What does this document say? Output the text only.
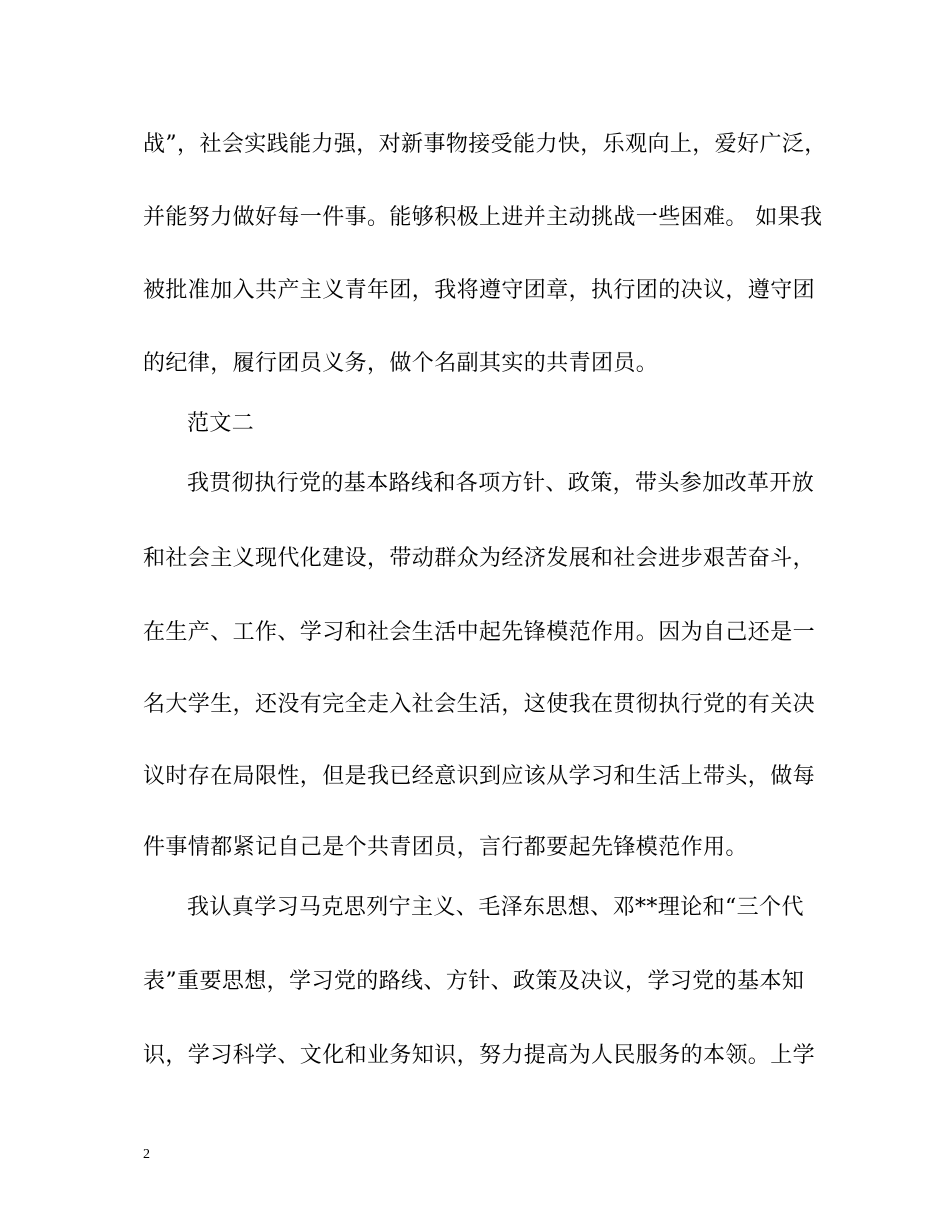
战”，社会实践能力强，对新事物接受能力快，乐观向上，爱好广泛，
并能努力做好每一件事。能够积极上进并主动挑战一些困难。 如果我
被批准加入共产主义青年团，我将遵守团章，执行团的决议，遵守团
的纪律，履行团员义务，做个名副其实的共青团员。
范文二
我贯彻执行党的基本路线和各项方针、政策，带头参加改革开放
和社会主义现代化建设，带动群众为经济发展和社会进步艰苦奋斗，
在生产、工作、学习和社会生活中起先锋模范作用。因为自己还是一
名大学生，还没有完全走入社会生活，这使我在贯彻执行党的有关决
议时存在局限性，但是我已经意识到应该从学习和生活上带头，做每
件事情都紧记自己是个共青团员，言行都要起先锋模范作用。
我认真学习马克思列宁主义、毛泽东思想、邓**理论和“三个代
表”重要思想，学习党的路线、方针、政策及决议，学习党的基本知
识，学习科学、文化和业务知识，努力提高为人民服务的本领。上学
2
